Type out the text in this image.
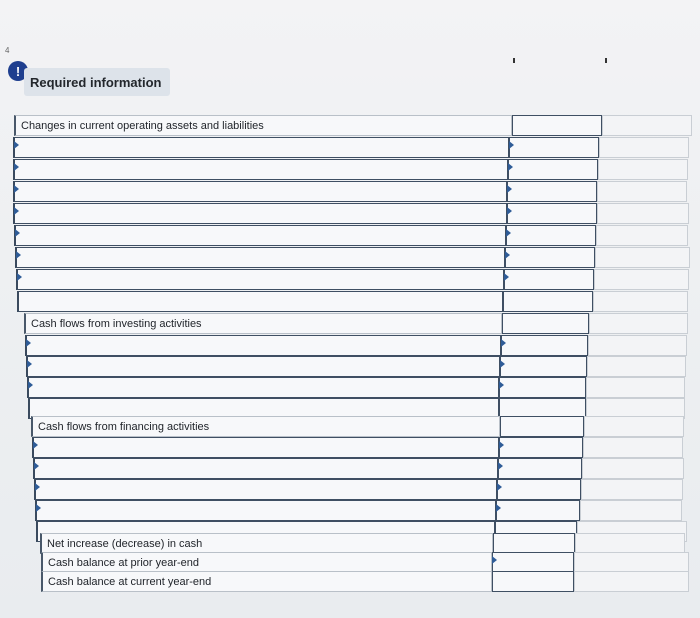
4
!
Required information
Changes in current operating assets and liabilities
Cash flows from investing activities
Cash flows from financing activities
Net increase (decrease) in cash
Cash balance at prior year-end
Cash balance at current year-end
